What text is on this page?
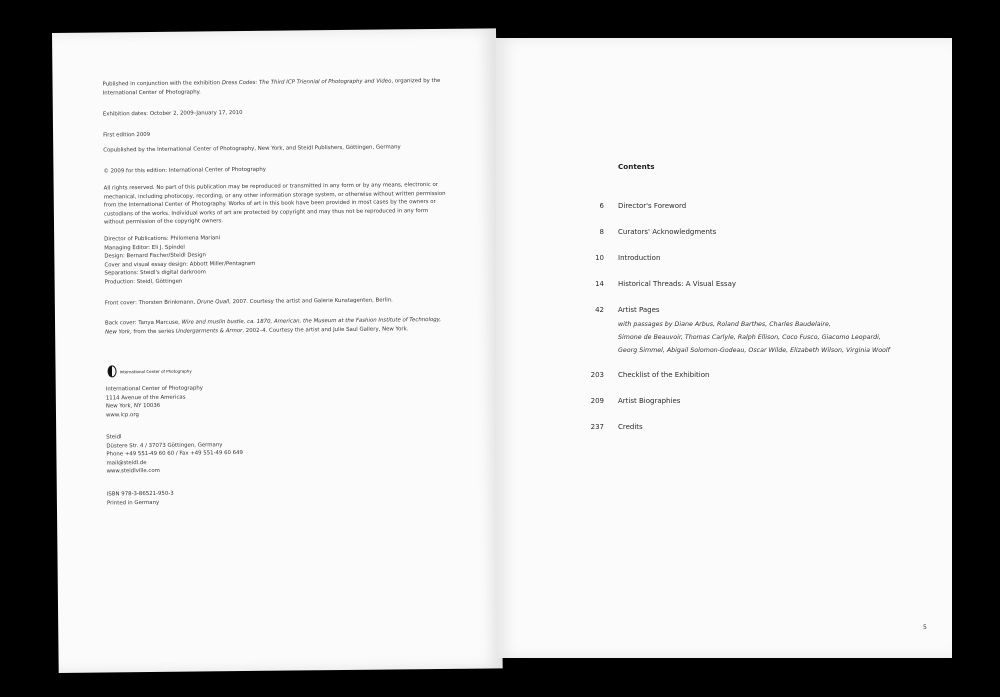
Published in conjunction with the exhibition Dress Codes: The Third ICP Triennial of Photography and Video, organized by the International Center of Photography.

Exhibition dates: October 2, 2009–January 17, 2010
First edition 2009
Copublished by the International Center of Photography, New York, and Steidl Publishers, Göttingen, Germany
© 2009 for this edition: International Center of Photography
All rights reserved. No part of this publication may be reproduced or transmitted in any form or by any means, electronic or mechanical, including photocopy, recording, or any other information storage system, or otherwise without written permission from the International Center of Photography. Works of art in this book have been provided in most cases by the owners or custodians of the works. Individual works of art are protected by copyright and may thus not be reproduced in any form without permission of the copyright owners.

Director of Publications: Philomena Mariani

Managing Editor: Eli J. Spindel

Design: Bernard Fischer/Steidl Design

Cover and visual essay design: Abbott Miller/Pentagram

Separations: Steidl's digital darkroom

Production: Steidl, Göttingen

Front cover: Thorsten Brinkmann, Drune Quall, 2007. Courtesy the artist and Galerie Kunstagenten, Berlin.

Back cover: Tanya Marcuse, Wire and muslin bustle, ca. 1870, American, the Museum at the Fashion Institute of Technology, New York, from the series Undergarments & Armor, 2002–4. Courtesy the artist and Julie Saul Gallery, New York.

International Center of Photography

International Center of Photography

1114 Avenue of the Americas

New York, NY 10036

www.icp.org

Steidl

Düstere Str. 4 / 37073 Göttingen, Germany

Phone +49 551-49 60 60 / Fax +49 551-49 60 649

mail@steidl.de

www.steidlville.com

ISBN 978-3-86521-950-3

Printed in Germany

Contents
6 Director's Foreword
8 Curators' Acknowledgments
10 Introduction
14 Historical Threads: A Visual Essay
42 Artist Pages
with passages by Diane Arbus, Roland Barthes, Charles Baudelaire,
Simone de Beauvoir, Thomas Carlyle, Ralph Ellison, Coco Fusco, Giacomo Leopardi,
Georg Simmel, Abigail Solomon-Godeau, Oscar Wilde, Elizabeth Wilson, Virginia Woolf
203 Checklist of the Exhibition
209 Artist Biographies
237 Credits
5
